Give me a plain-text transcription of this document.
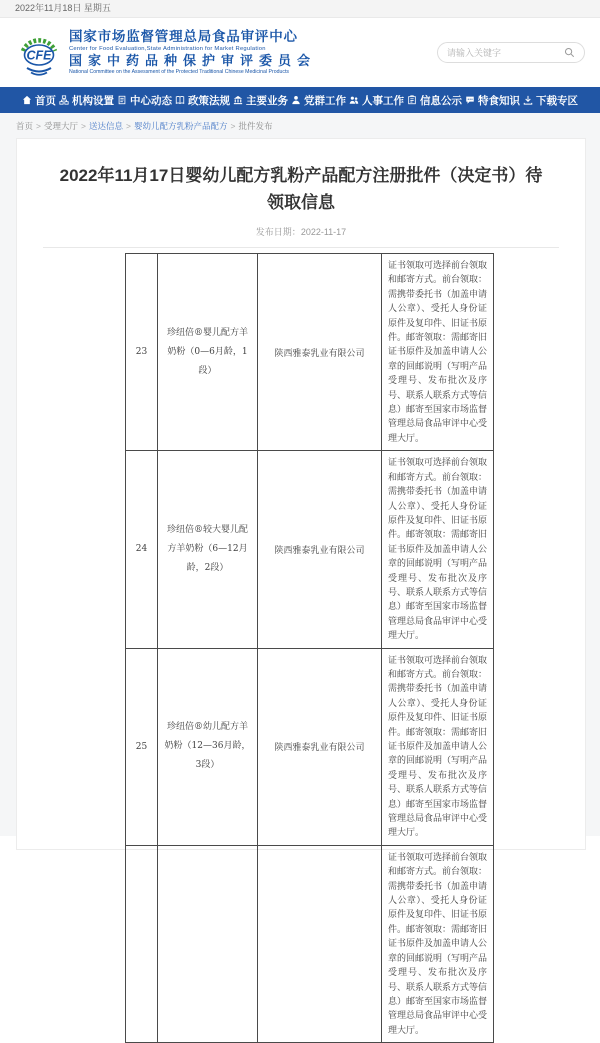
2022年11月18日 星期五
CFE
国家市场监督管理总局食品审评中心
Center for Food Evaluation,State Administration for Market Regulation
国家中药品种保护审评委员会
National Committee on the Assessment of the Protected Traditional Chinese Medicinal Products
请输入关键字
首页 机构设置 中心动态 政策法规 主要业务 党群工作 人事工作 信息公示 特食知识 下载专区
首页 > 受理大厅 > 送达信息 > 婴幼儿配方乳粉产品配方 > 批件发布
2022年11月17日婴幼儿配方乳粉产品配方注册批件（决定书）待领取信息
发布日期：2022-11-17
23	珍纽倍®婴儿配方羊奶粉（0—6月龄，1段）	陕西雅泰乳业有限公司	证书领取可选择前台领取和邮寄方式。前台领取：需携带委托书（加盖申请人公章）、受托人身份证原件及复印件、旧证书原件。邮寄领取：需邮寄旧证书原件及加盖申请人公章的回邮说明（写明产品受理号、发布批次及序号、联系人联系方式等信息）邮寄至国家市场监督管理总局食品审评中心受理大厅。
24	珍纽倍®较大婴儿配方羊奶粉（6—12月龄，2段）	陕西雅泰乳业有限公司	证书领取可选择前台领取和邮寄方式。前台领取：需携带委托书（加盖申请人公章）、受托人身份证原件及复印件、旧证书原件。邮寄领取：需邮寄旧证书原件及加盖申请人公章的回邮说明（写明产品受理号、发布批次及序号、联系人联系方式等信息）邮寄至国家市场监督管理总局食品审评中心受理大厅。
25	珍纽倍®幼儿配方羊奶粉（12—36月龄，3段）	陕西雅泰乳业有限公司	证书领取可选择前台领取和邮寄方式。前台领取：需携带委托书（加盖申请人公章）、受托人身份证原件及复印件、旧证书原件。邮寄领取：需邮寄旧证书原件及加盖申请人公章的回邮说明（写明产品受理号、发布批次及序号、联系人联系方式等信息）邮寄至国家市场监督管理总局食品审评中心受理大厅。
			证书领取可选择前台领取和邮寄方式。前台领取：需携带委托书（加盖申请人公章）、受托人身份证原件及复印件、旧证书原件。邮寄领取：需邮寄旧证书原件及加盖申请人公章的回邮说明（写明产品受理号、发布批次及序号、联系人联系方式等信息）邮寄至国家市场监督管理总局食品审评中心受理大厅。
